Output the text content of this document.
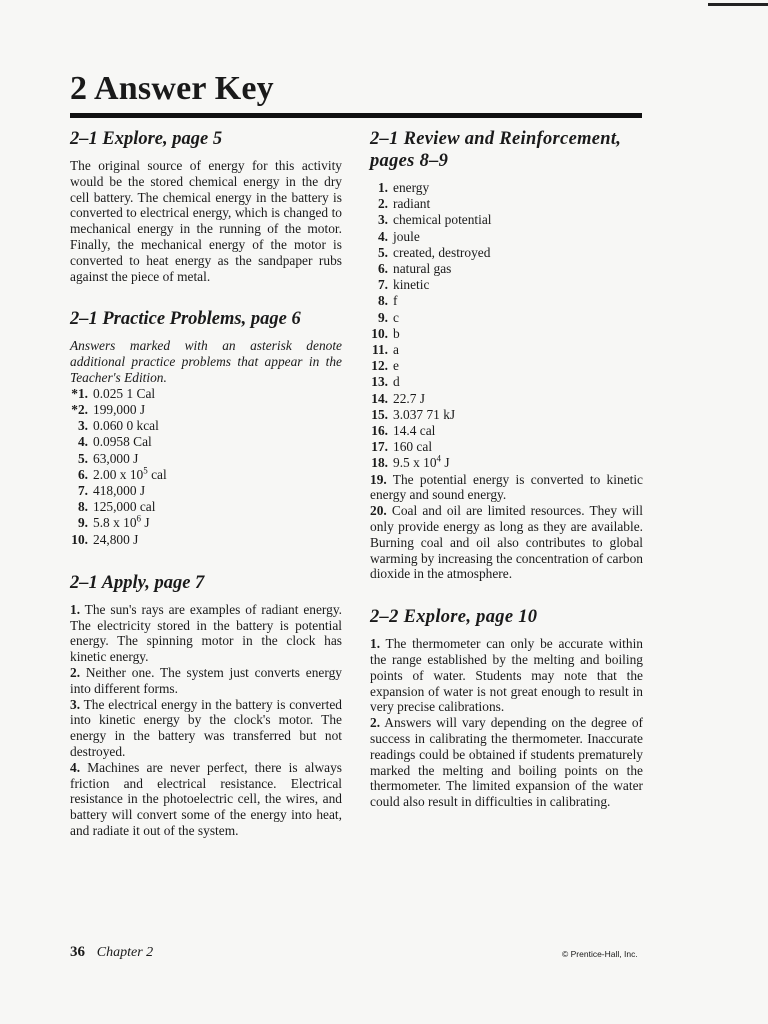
2 Answer Key
2–1 Explore, page 5

The original source of energy for this activity would be the stored chemical energy in the dry cell battery. The chemical energy in the battery is converted to electrical energy, which is changed to mechanical energy in the running of the motor. Finally, the mechanical energy of the motor is converted to heat energy as the sandpaper rubs against the piece of metal.

2–1 Practice Problems, page 6

Answers marked with an asterisk denote additional practice problems that appear in the Teacher's Edition.

*1. 0.025 1 Cal
*2. 199,000 J
3. 0.060 0 kcal
4. 0.0958 Cal
5. 63,000 J
6. 2.00 x $10^5$ cal
7. 418,000 J
8. 125,000 cal
9. 5.8 x $10^6$ J
10. 24,800 J
2–1 Apply, page 7

1. The sun's rays are examples of radiant energy. The electricity stored in the battery is potential energy. The spinning motor in the clock has kinetic energy.

2. Neither one. The system just converts energy into different forms.

3. The electrical energy in the battery is converted into kinetic energy by the clock's motor. The energy in the battery was transferred but not destroyed.

4. Machines are never perfect, there is always friction and electrical resistance. Electrical resistance in the photoelectric cell, the wires, and battery will convert some of the energy into heat, and radiate it out of the system.

2–1 Review and Reinforcement, pages 8–9
1. energy
2. radiant
3. chemical potential
4. joule
5. created, destroyed
6. natural gas
7. kinetic
8. f
9. c
10. b
11. a
12. e
13. d
14. 22.7 J
15. 3.037 71 kJ
16. 14.4 cal
17. 160 cal
18. 9.5 x $10^4$ J

19. The potential energy is converted to kinetic energy and sound energy.

20. Coal and oil are limited resources. They will only provide energy as long as they are available. Burning coal and oil also contributes to global warming by increasing the concentration of carbon dioxide in the atmosphere.

2–2 Explore, page 10

1. The thermometer can only be accurate within the range established by the melting and boiling points of water. Students may note that the expansion of water is not great enough to result in very precise calibrations.

2. Answers will vary depending on the degree of success in calibrating the thermometer. Inaccurate readings could be obtained if students prematurely marked the melting and boiling points on the thermometer. The limited expansion of the water could also result in difficulties in calibrating.

36 Chapter 2	© Prentice-Hall, Inc.
